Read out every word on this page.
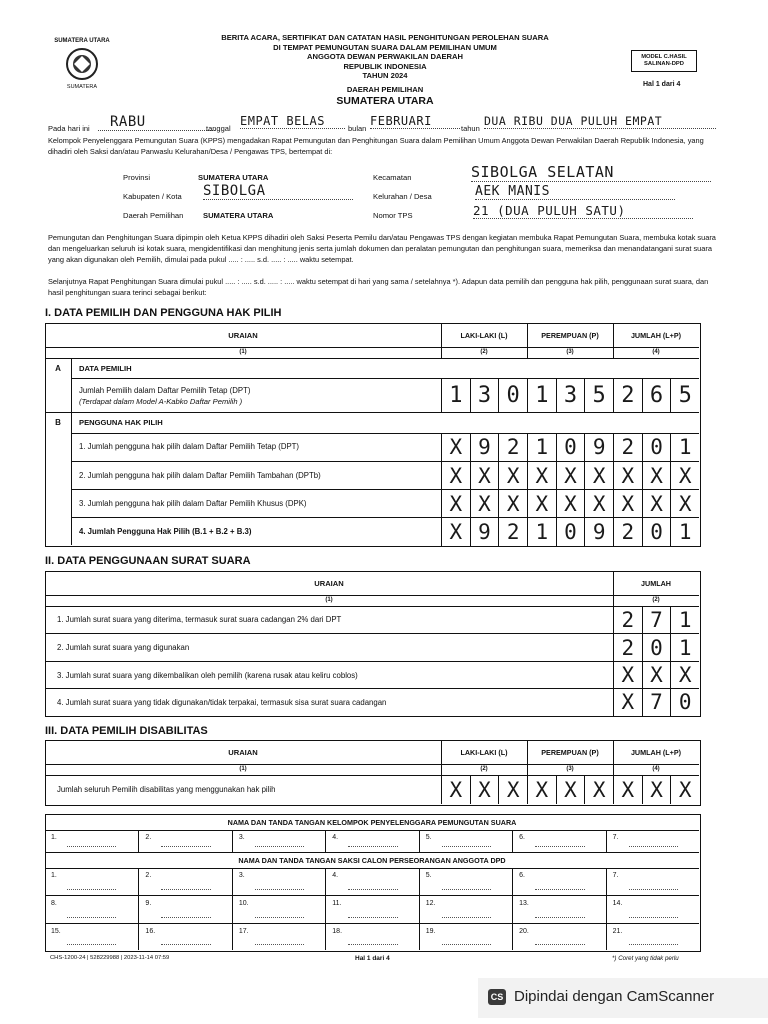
SUMATERA UTARA
SUMATERA
BERITA ACARA, SERTIFIKAT DAN CATATAN HASIL PENGHITUNGAN PEROLEHAN SUARA
DI TEMPAT PEMUNGUTAN SUARA DALAM PEMILIHAN UMUM
ANGGOTA DEWAN PERWAKILAN DAERAH
REPUBLIK INDONESIA
TAHUN 2024
DAERAH PEMILIHAN
SUMATERA UTARA
MODEL C.HASIL SALINAN-DPD
Hal 1 dari 4
Pada hari ini	RABU	tanggal
EMPAT BELAS
bulan
FEBRUARI
tahun
DUA RIBU DUA PULUH EMPAT
Kelompok Penyelenggara Pemungutan Suara (KPPS) mengadakan Rapat Pemungutan dan Penghitungan Suara dalam Pemilihan Umum Anggota Dewan Perwakilan Daerah Republik Indonesia, yang dihadiri oleh Saksi dan/atau Panwaslu Kelurahan/Desa / Pengawas TPS, bertempat di:
Provinsi	SUMATERA UTARA
Kabupaten / Kota SIBOLGA
Daerah Pemilihan	SUMATERA UTARA
Kecamatan	SIBOLGA SELATAN
Kelurahan / Desa	AEK MANIS
Nomor TPS	21 (DUA PULUH SATU)
Pemungutan dan Penghitungan Suara dipimpin oleh Ketua KPPS dihadiri oleh Saksi Peserta Pemilu dan/atau Pengawas TPS dengan kegiatan membuka Rapat Pemungutan Suara, membuka kotak suara dan mengeluarkan seluruh isi kotak suara, mengidentifikasi dan menghitung jenis serta jumlah dokumen dan peralatan pemungutan dan penghitungan suara, memeriksa dan menandatangani surat suara yang akan digunakan oleh Pemilih, dimulai pada pukul ..... : ..... s.d. ..... : ..... waktu setempat.
Selanjutnya Rapat Penghitungan Suara dimulai pukul ..... : ..... s.d. ..... : ..... waktu setempat di hari yang sama / setelahnya *). Adapun data pemilih dan pengguna hak pilih, penggunaan surat suara, dan hasil penghitungan suara terinci sebagai berikut:
I. DATA PEMILIH DAN PENGGUNA HAK PILIH
URAIAN	LAKI-LAKI (L)	PEREMPUAN (P)	JUMLAH (L+P)
(1)	(2)	(3)	(4)
A	DATA PEMILIH
Jumlah Pemilih dalam Daftar Pemilih Tetap (DPT)
(Terdapat dalam Model A-Kabko Daftar Pemilih )	1 3 0 1 3 5 2 6 5
B	PENGGUNA HAK PILIH
1. Jumlah pengguna hak pilih dalam Daftar Pemilih Tetap (DPT)	X 9 2 1 0 9 2 0 1
2. Jumlah pengguna hak pilih dalam Daftar Pemilih Tambahan (DPTb)	X X X X X X X X X
3. Jumlah pengguna hak pilih dalam Daftar Pemilih Khusus (DPK)	X X X X X X X X X
4. Jumlah Pengguna Hak Pilih (B.1 + B.2 + B.3)	X 9 2 1 0 9 2 0 1
II. DATA PENGGUNAAN SURAT SUARA
URAIAN	JUMLAH
(1)	(2)
1. Jumlah surat suara yang diterima, termasuk surat suara cadangan 2% dari DPT	2 7 1
2. Jumlah surat suara yang digunakan	2 0 1
3. Jumlah surat suara yang dikembalikan oleh pemilih (karena rusak atau keliru coblos)	X X X
4. Jumlah surat suara yang tidak digunakan/tidak terpakai, termasuk sisa surat suara cadangan	X 7 0
III. DATA PEMILIH DISABILITAS
URAIAN	LAKI-LAKI (L)	PEREMPUAN (P)	JUMLAH (L+P)
(1)	(2)	(3)	(4)
Jumlah seluruh Pemilih disabilitas yang menggunakan hak pilih	X X X X X X X X X
NAMA DAN TANDA TANGAN KELOMPOK PENYELENGGARA PEMUNGUTAN SUARA
1.	2.	3.	4.	5.	6.	7.
NAMA DAN TANDA TANGAN SAKSI CALON PERSEORANGAN ANGGOTA DPD
1.	2.	3.	4.	5.	6.	7.
8.	9.	10.	11.	12.	13.	14.
15.	16.	17.	18.	19.	20.	21.
CHS-1200-24 | 528229988 | 2023-11-14 07:59	Hal 1 dari 4	*) Coret yang tidak perlu
CS Dipindai dengan CamScanner
